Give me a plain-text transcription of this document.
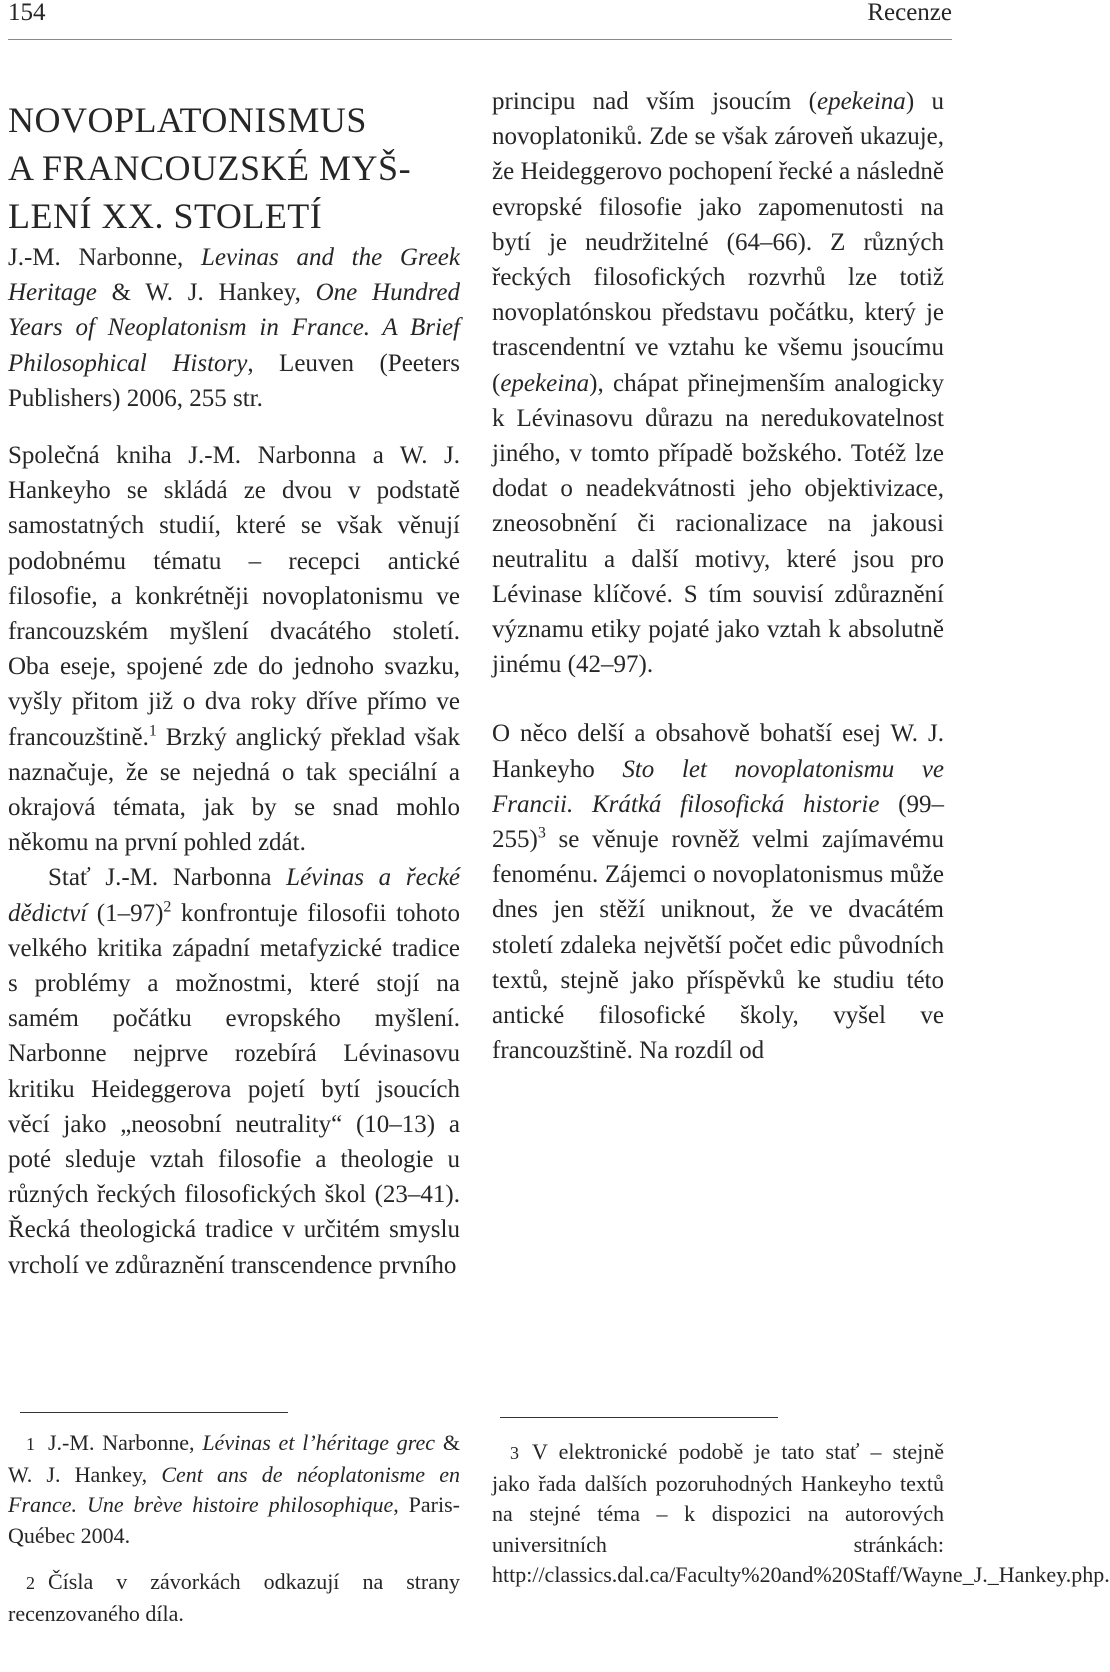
154	Recenze
NOVOPLATONISMUS
A FRANCOUZSKÉ MYŠ-
LENÍ XX. STOLETÍ

J.-M. Narbonne, Levinas and the Greek Heritage & W. J. Hankey, One Hundred Years of Neoplatonism in France. A Brief Philosophical History, Leuven (Peeters Publishers) 2006, 255 str.

Společná kniha J.-M. Narbonna a W. J. Hankeyho se skládá ze dvou v podstatě samostatných studií, které se však věnují podobnému tématu – recepci antické filosofie, a konkrétněji novoplatonismu ve francouzském myšlení dvacátého století. Oba eseje, spojené zde do jednoho svazku, vyšly přitom již o dva roky dříve přímo ve francouzštině.$^1$ Brzký anglický překlad však naznačuje, že se nejedná o tak speciální a okrajová témata, jak by se snad mohlo někomu na první pohled zdát.

Stať J.-M. Narbonna Lévinas a řecké dědictví $(1-97)^2$ konfrontuje filosofii tohoto velkého kritika západní metafyzické tradice s problémy a možnostmi, které stojí na samém počátku evropského myšlení. Narbonne nejprve rozebírá Lévinasovu kritiku Heideggerova pojetí bytí jsoucích věcí jako „neosobní neutrality“ (10–13) a poté sleduje vztah filosofie a theologie u různých řeckých filosofických škol (23–41). Řecká theologická tradice v určitém smyslu vrcholí ve zdůraznění transcendence prvního

principu nad vším jsoucím (epekeina) u novoplatoniků. Zde se však zároveň ukazuje, že Heideggerovo pochopení řecké a následně evropské filosofie jako zapomenutosti na bytí je neudržitelné (64–66). Z různých řeckých filosofických rozvrhů lze totiž novoplatónskou představu počátku, který je trascendentní ve vztahu ke všemu jsoucímu (epekeina), chápat přinejmenším analogicky k Lévinasovu důrazu na neredukovatelnost jiného, v tomto případě božského. Totéž lze dodat o neadekvátnosti jeho objektivizace, zneosobnění či racionalizace na jakousi neutralitu a další motivy, které jsou pro Lévinase klíčové. S tím souvisí zdůraznění významu etiky pojaté jako vztah k absolutně jinému (42–97).

O něco delší a obsahově bohatší esej W. J. Hankeyho Sto let novoplatonismu ve Francii. Krátká filosofická historie $(99-255)^3$ se věnuje rovněž velmi zajímavému fenoménu. Zájemci o novoplatonismus může dnes jen stěží uniknout, že ve dvacátém století zdaleka největší počet edic původních textů, stejně jako příspěvků ke studiu této antické filosofické školy, vyšel ve francouzštině. Na rozdíl od

1 J.-M. Narbonne, Lévinas et l’héritage grec & W. J. Hankey, Cent ans de néoplatonisme en France. Une brève histoire philosophique, Paris-Québec 2004.

2 Čísla v závorkách odkazují na strany recenzovaného díla.

3 V elektronické podobě je tato stať – stejně jako řada dalších pozoruhodných Hankeyho textů na stejné téma – k dispozici na autorových universitních stránkách: http://classics.dal.ca/Faculty%20and%20Staff/Wayne_J._Hankey.php.
